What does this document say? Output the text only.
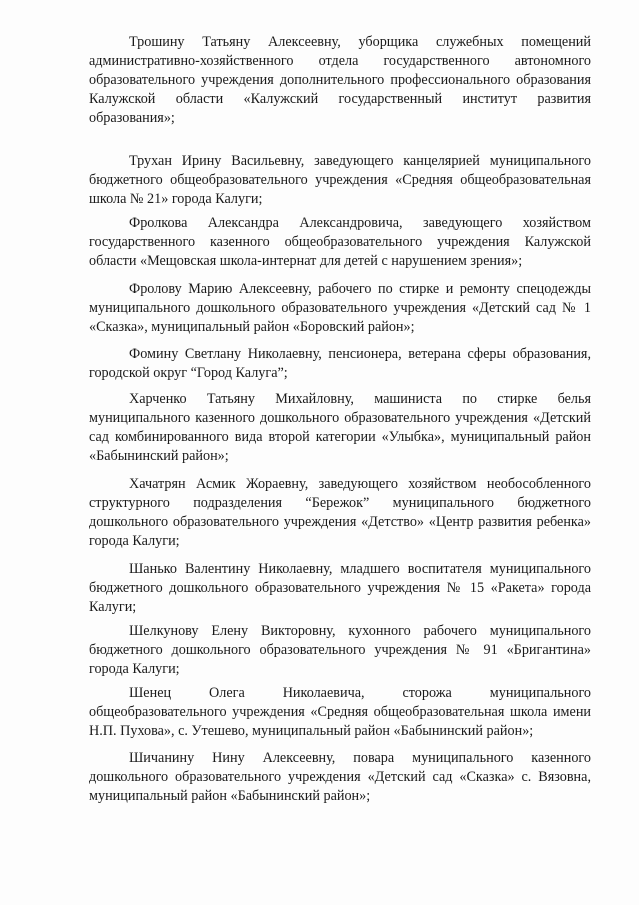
Трошину Татьяну Алексеевну, уборщика служебных помещений административно-хозяйственного отдела государственного автономного образовательного учреждения дополнительного профессионального образования Калужской области «Калужский государственный институт развития образования»;

Трухан Ирину Васильевну, заведующего канцелярией муниципального бюджетного общеобразовательного учреждения «Средняя общеобразовательная школа № 21» города Калуги;

Фролкова Александра Александровича, заведующего хозяйством государственного казенного общеобразовательного учреждения Калужской области «Мещовская школа-интернат для детей с нарушением зрения»;

Фролову Марию Алексеевну, рабочего по стирке и ремонту спецодежды муниципального дошкольного образовательного учреждения «Детский сад № 1 «Сказка», муниципальный район «Боровский район»;

Фомину Светлану Николаевну, пенсионера, ветерана сферы образования, городской округ “Город Калуга”;

Харченко Татьяну Михайловну, машиниста по стирке белья муниципального казенного дошкольного образовательного учреждения «Детский сад комбинированного вида второй категории «Улыбка», муниципальный район «Бабынинский район»;

Хачатрян Асмик Жораевну, заведующего хозяйством необособленного структурного подразделения “Бережок” муниципального бюджетного дошкольного образовательного учреждения «Детство» «Центр развития ребенка» города Калуги;

Шанько Валентину Николаевну, младшего воспитателя муниципального бюджетного дошкольного образовательного учреждения № 15 «Ракета» города Калуги;

Шелкунову Елену Викторовну, кухонного рабочего муниципального бюджетного дошкольного образовательного учреждения № 91 «Бригантина» города Калуги;

Шенец Олега Николаевича, сторожа муниципального общеобразовательного учреждения «Средняя общеобразовательная школа имени Н.П. Пухова», с. Утешево, муниципальный район «Бабынинский район»;

Шичанину Нину Алексеевну, повара муниципального казенного дошкольного образовательного учреждения «Детский сад «Сказка» с. Вязовна, муниципальный район «Бабынинский район»;
